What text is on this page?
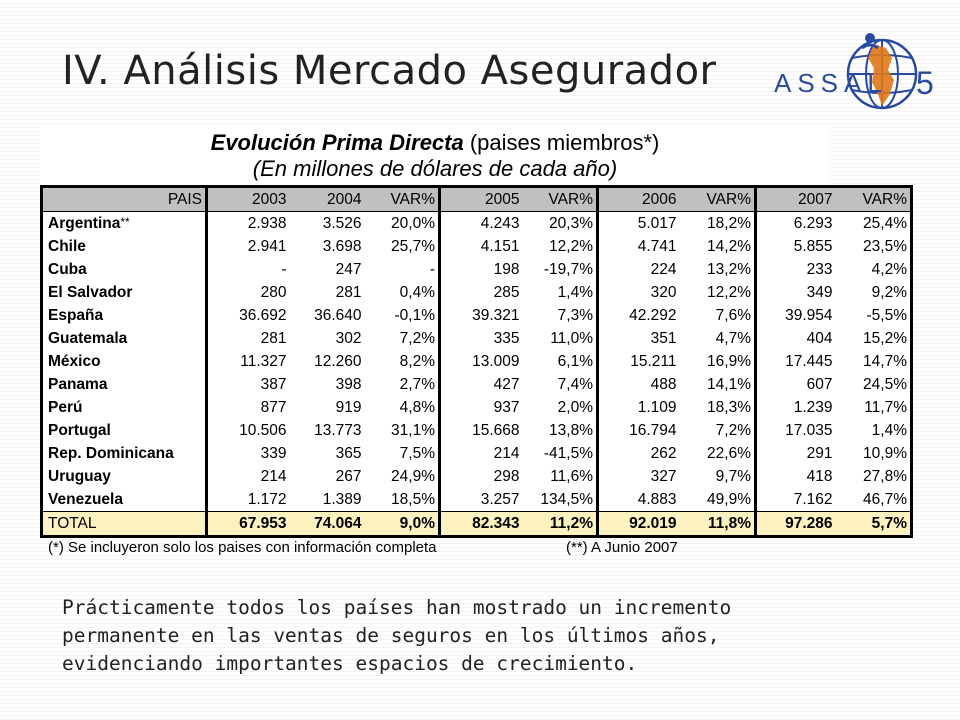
IV. Análisis Mercado Asegurador ASSAL 5
Evolución Prima Directa (paises miembros*)
(En millones de dólares de cada año)
PAIS	2003	2004	VAR%	2005	VAR%	2006	VAR%	2007	VAR%
Argentina**	2.938	3.526	20,0%	4.243	20,3%	5.017	18,2%	6.293	25,4%
Chile	2.941	3.698	25,7%	4.151	12,2%	4.741	14,2%	5.855	23,5%
Cuba	-	247	-	198	-19,7%	224	13,2%	233	4,2%
El Salvador	280	281	0,4%	285	1,4%	320	12,2%	349	9,2%
España	36.692	36.640	-0,1%	39.321	7,3%	42.292	7,6%	39.954	-5,5%
Guatemala	281	302	7,2%	335	11,0%	351	4,7%	404	15,2%
México	11.327	12.260	8,2%	13.009	6,1%	15.211	16,9%	17.445	14,7%
Panama	387	398	2,7%	427	7,4%	488	14,1%	607	24,5%
Perú	877	919	4,8%	937	2,0%	1.109	18,3%	1.239	11,7%
Portugal	10.506	13.773	31,1%	15.668	13,8%	16.794	7,2%	17.035	1,4%
Rep. Dominicana	339	365	7,5%	214	-41,5%	262	22,6%	291	10,9%
Uruguay	214	267	24,9%	298	11,6%	327	9,7%	418	27,8%
Venezuela	1.172	1.389	18,5%	3.257	134,5%	4.883	49,9%	7.162	46,7%
TOTAL	67.953	74.064	9,0%	82.343	11,2%	92.019	11,8%	97.286	5,7%
(*) Se incluyeron solo los paises con información completa	(**) A Junio 2007
Prácticamente todos los países han mostrado un incremento
permanente en las ventas de seguros en los últimos años,
evidenciando importantes espacios de crecimiento.
